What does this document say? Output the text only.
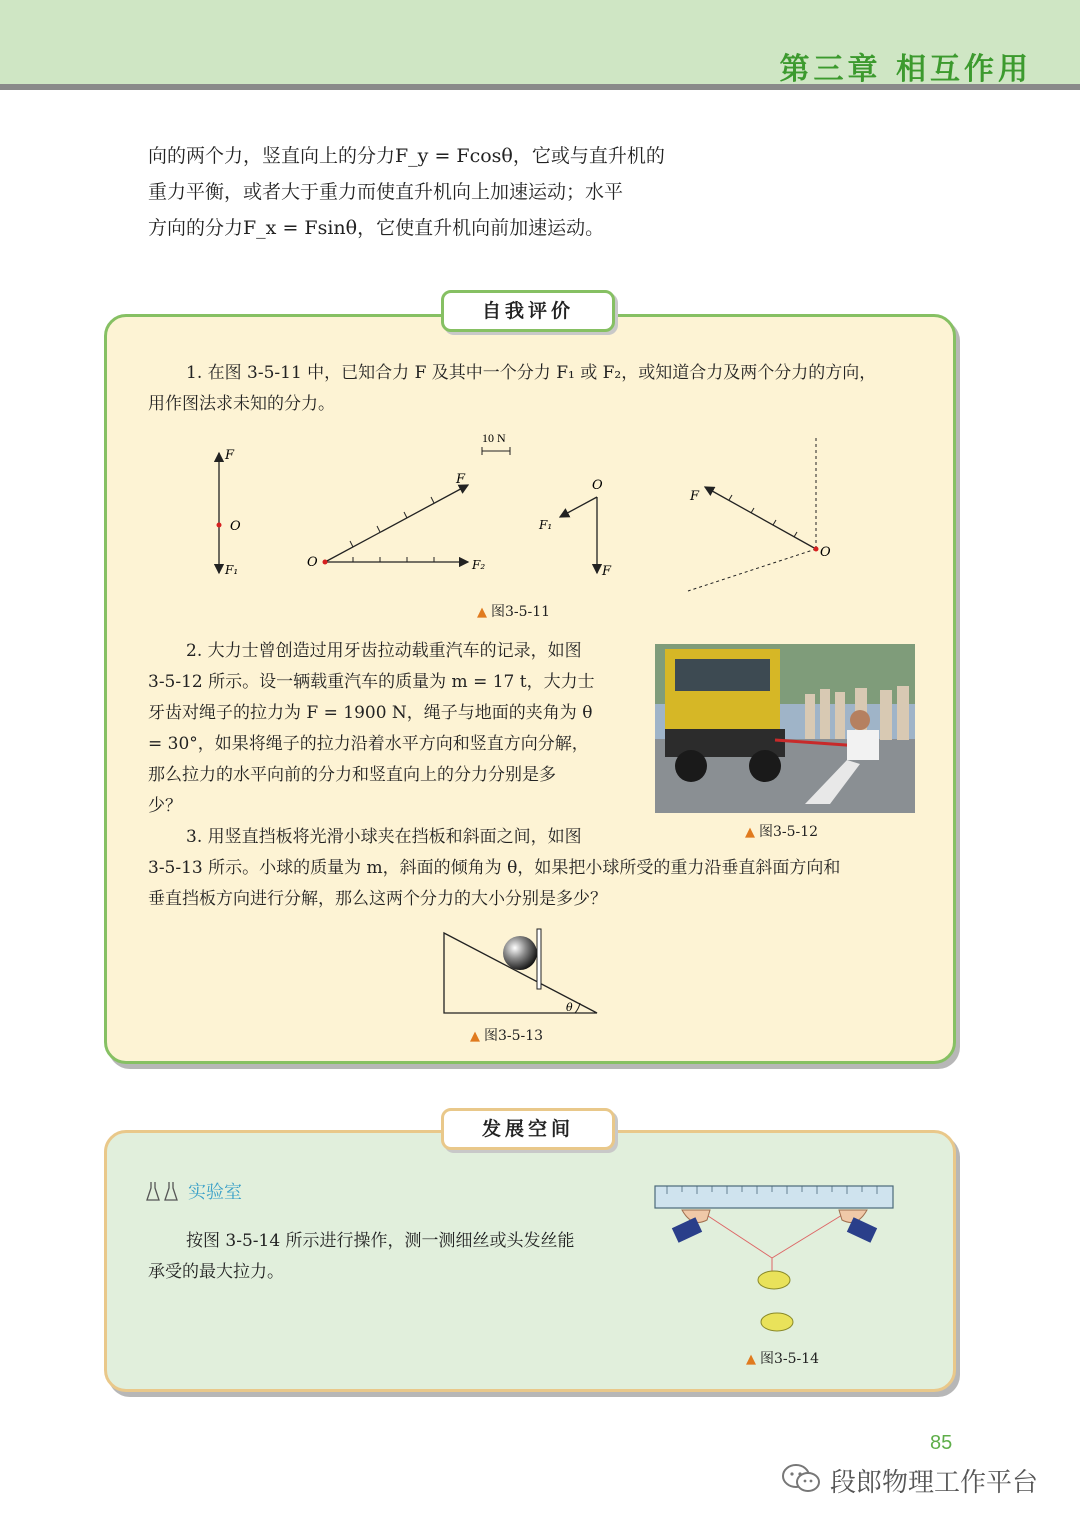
第三章 相互作用

向的两个力，竖直向上的分力F_y = Fcosθ，它或与直升机的

重力平衡，或者大于重力而使直升机向上加速运动；水平

方向的分力F_x = Fsinθ，它使直升机向前加速运动。

自我评价

1. 在图 3-5-11 中，已知合力 F 及其中一个分力 F₁ 或 F₂，或知道合力及两个分力的方向，

用作图法求未知的分力。

10 N
F
O
F₁	O
F
F₂
O
F₁
F
F
O
▲ 图3-5-11

2. 大力士曾创造过用牙齿拉动载重汽车的记录，如图

3-5-12 所示。设一辆载重汽车的质量为 m = 17 t，大力士

牙齿对绳子的拉力为 F = 1900 N，绳子与地面的夹角为 θ

= 30°，如果将绳子的拉力沿着水平方向和竖直方向分解，

那么拉力的水平向前的分力和竖直向上的分力分别是多

少？

▲ 图3-5-12

3. 用竖直挡板将光滑小球夹在挡板和斜面之间，如图

3-5-13 所示。小球的质量为 m，斜面的倾角为 θ，如果把小球所受的重力沿垂直斜面方向和

垂直挡板方向进行分解，那么这两个分力的大小分别是多少？

θ
▲ 图3-5-13
发展空间
实验室

按图 3-5-14 所示进行操作，测一测细丝或头发丝能

承受的最大拉力。

▲ 图3-5-14
85
段郎物理工作平台
